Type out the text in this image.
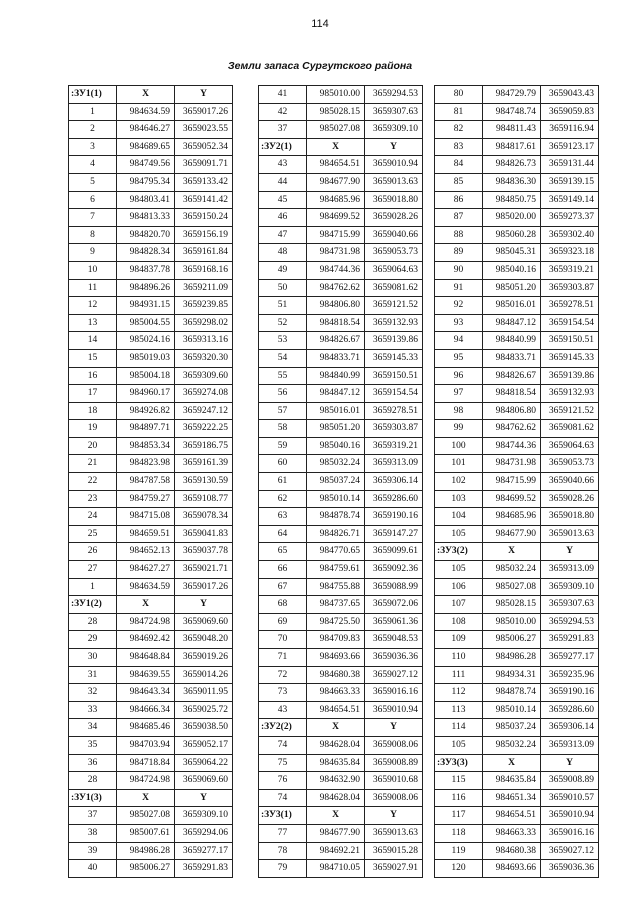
114
Земли запаса Сургутского района
:ЗУ1(1)	X	Y
1	984634.59	3659017.26
2	984646.27	3659023.55
3	984689.65	3659052.34
4	984749.56	3659091.71
5	984795.34	3659133.42
6	984803.41	3659141.42
7	984813.33	3659150.24
8	984820.70	3659156.19
9	984828.34	3659161.84
10	984837.78	3659168.16
11	984896.26	3659211.09
12	984931.15	3659239.85
13	985004.55	3659298.02
14	985024.16	3659313.16
15	985019.03	3659320.30
16	985004.18	3659309.60
17	984960.17	3659274.08
18	984926.82	3659247.12
19	984897.71	3659222.25
20	984853.34	3659186.75
21	984823.98	3659161.39
22	984787.58	3659130.59
23	984759.27	3659108.77
24	984715.08	3659078.34
25	984659.51	3659041.83
26	984652.13	3659037.78
27	984627.27	3659021.71
1	984634.59	3659017.26
:ЗУ1(2)	X	Y
28	984724.98	3659069.60
29	984692.42	3659048.20
30	984648.84	3659019.26
31	984639.55	3659014.26
32	984643.34	3659011.95
33	984666.34	3659025.72
34	984685.46	3659038.50
35	984703.94	3659052.17
36	984718.84	3659064.22
28	984724.98	3659069.60
:ЗУ1(3)	X	Y
37	985027.08	3659309.10
38	985007.61	3659294.06
39	984986.28	3659277.17
40	985006.27	3659291.83
41	985010.00	3659294.53
42	985028.15	3659307.63
37	985027.08	3659309.10
:ЗУ2(1)	X	Y
43	984654.51	3659010.94
44	984677.90	3659013.63
45	984685.96	3659018.80
46	984699.52	3659028.26
47	984715.99	3659040.66
48	984731.98	3659053.73
49	984744.36	3659064.63
50	984762.62	3659081.62
51	984806.80	3659121.52
52	984818.54	3659132.93
53	984826.67	3659139.86
54	984833.71	3659145.33
55	984840.99	3659150.51
56	984847.12	3659154.54
57	985016.01	3659278.51
58	985051.20	3659303.87
59	985040.16	3659319.21
60	985032.24	3659313.09
61	985037.24	3659306.14
62	985010.14	3659286.60
63	984878.74	3659190.16
64	984826.71	3659147.27
65	984770.65	3659099.61
66	984759.61	3659092.36
67	984755.88	3659088.99
68	984737.65	3659072.06
69	984725.50	3659061.36
70	984709.83	3659048.53
71	984693.66	3659036.36
72	984680.38	3659027.12
73	984663.33	3659016.16
43	984654.51	3659010.94
:ЗУ2(2)	X	Y
74	984628.04	3659008.06
75	984635.84	3659008.89
76	984632.90	3659010.68
74	984628.04	3659008.06
:ЗУ3(1)	X	Y
77	984677.90	3659013.63
78	984692.21	3659015.28
79	984710.05	3659027.91
80	984729.79	3659043.43
81	984748.74	3659059.83
82	984811.43	3659116.94
83	984817.61	3659123.17
84	984826.73	3659131.44
85	984836.30	3659139.15
86	984850.75	3659149.14
87	985020.00	3659273.37
88	985060.28	3659302.40
89	985045.31	3659323.18
90	985040.16	3659319.21
91	985051.20	3659303.87
92	985016.01	3659278.51
93	984847.12	3659154.54
94	984840.99	3659150.51
95	984833.71	3659145.33
96	984826.67	3659139.86
97	984818.54	3659132.93
98	984806.80	3659121.52
99	984762.62	3659081.62
100	984744.36	3659064.63
101	984731.98	3659053.73
102	984715.99	3659040.66
103	984699.52	3659028.26
104	984685.96	3659018.80
105	984677.90	3659013.63
:ЗУ3(2)	X	Y
105	985032.24	3659313.09
106	985027.08	3659309.10
107	985028.15	3659307.63
108	985010.00	3659294.53
109	985006.27	3659291.83
110	984986.28	3659277.17
111	984934.31	3659235.96
112	984878.74	3659190.16
113	985010.14	3659286.60
114	985037.24	3659306.14
105	985032.24	3659313.09
:ЗУ3(3)	X	Y
115	984635.84	3659008.89
116	984651.34	3659010.57
117	984654.51	3659010.94
118	984663.33	3659016.16
119	984680.38	3659027.12
120	984693.66	3659036.36
